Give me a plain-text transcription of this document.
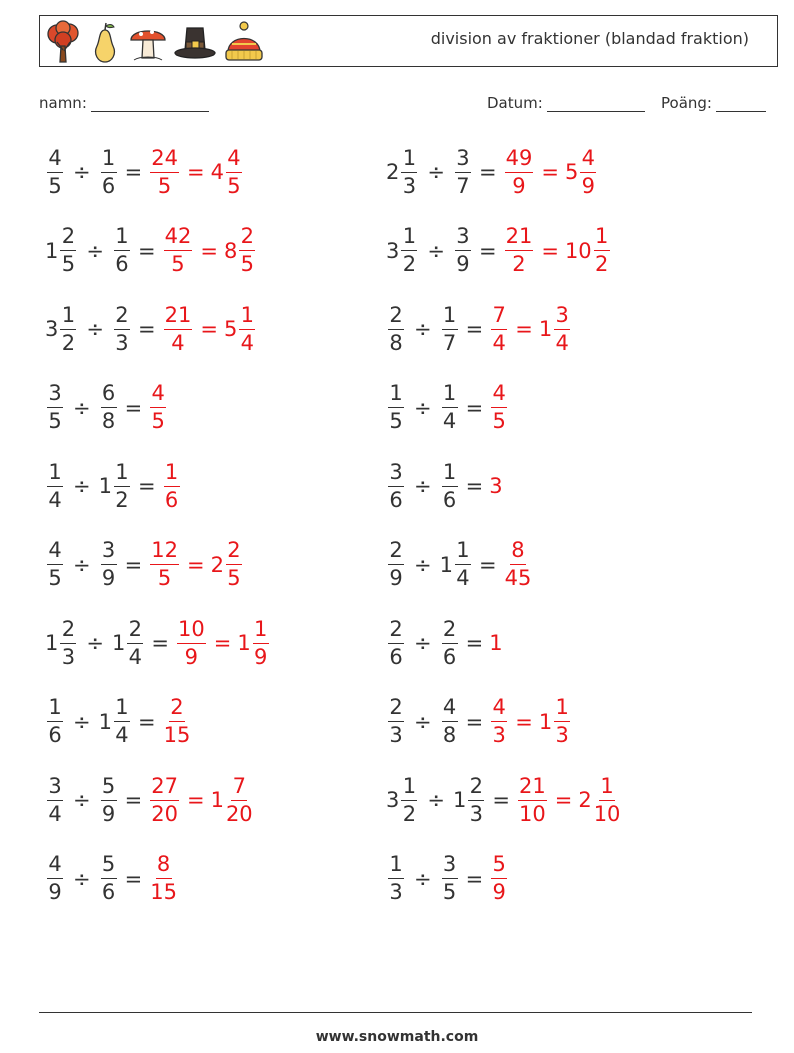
division av fraktioner (blandad fraktion)
namn:	Datum:	Poäng:
$\frac{4}{5} \div \frac{1}{6} = \frac{24}{5} = 4 \frac{4}{5}$	$2 \frac{1}{3} \div \frac{3}{7} = \frac{49}{9} = 5 \frac{4}{9}$
$1 \frac{2}{5} \div \frac{1}{6} = \frac{42}{5} = 8 \frac{2}{5}$	$3 \frac{1}{2} \div \frac{3}{9} = \frac{21}{2} = 10 \frac{1}{2}$
$3 \frac{1}{2} \div \frac{2}{3} = \frac{21}{4} = 5 \frac{1}{4}$	$\frac{2}{8} \div \frac{1}{7} = \frac{7}{4} = 1 \frac{3}{4}$
$\frac{3}{5} \div \frac{6}{8} = \frac{4}{5}$	$\frac{1}{5} \div \frac{1}{4} = \frac{4}{5}$
$\frac{1}{4} \div 1 \frac{1}{2} = \frac{1}{6}$	$\frac{3}{6} \div \frac{1}{6} = 3$
$\frac{4}{5} \div \frac{3}{9} = \frac{12}{5} = 2 \frac{2}{5}$	$\frac{2}{9} \div 1 \frac{1}{4} = \frac{8}{45}$
$1 \frac{2}{3} \div 1 \frac{2}{4} = \frac{10}{9} = 1 \frac{1}{9}$	$\frac{2}{6} \div \frac{2}{6} = 1$
$\frac{1}{6} \div 1 \frac{1}{4} = \frac{2}{15}$	$\frac{2}{3} \div \frac{4}{8} = \frac{4}{3} = 1 \frac{1}{3}$
$\frac{3}{4} \div \frac{5}{9} = \frac{27}{20} = 1 \frac{7}{20}$	$3 \frac{1}{2} \div 1 \frac{2}{3} = \frac{21}{10} = 2 \frac{1}{10}$
$\frac{4}{9} \div \frac{5}{6} = \frac{8}{15}$	$\frac{1}{3} \div \frac{3}{5} = \frac{5}{9}$
www.snowmath.com
